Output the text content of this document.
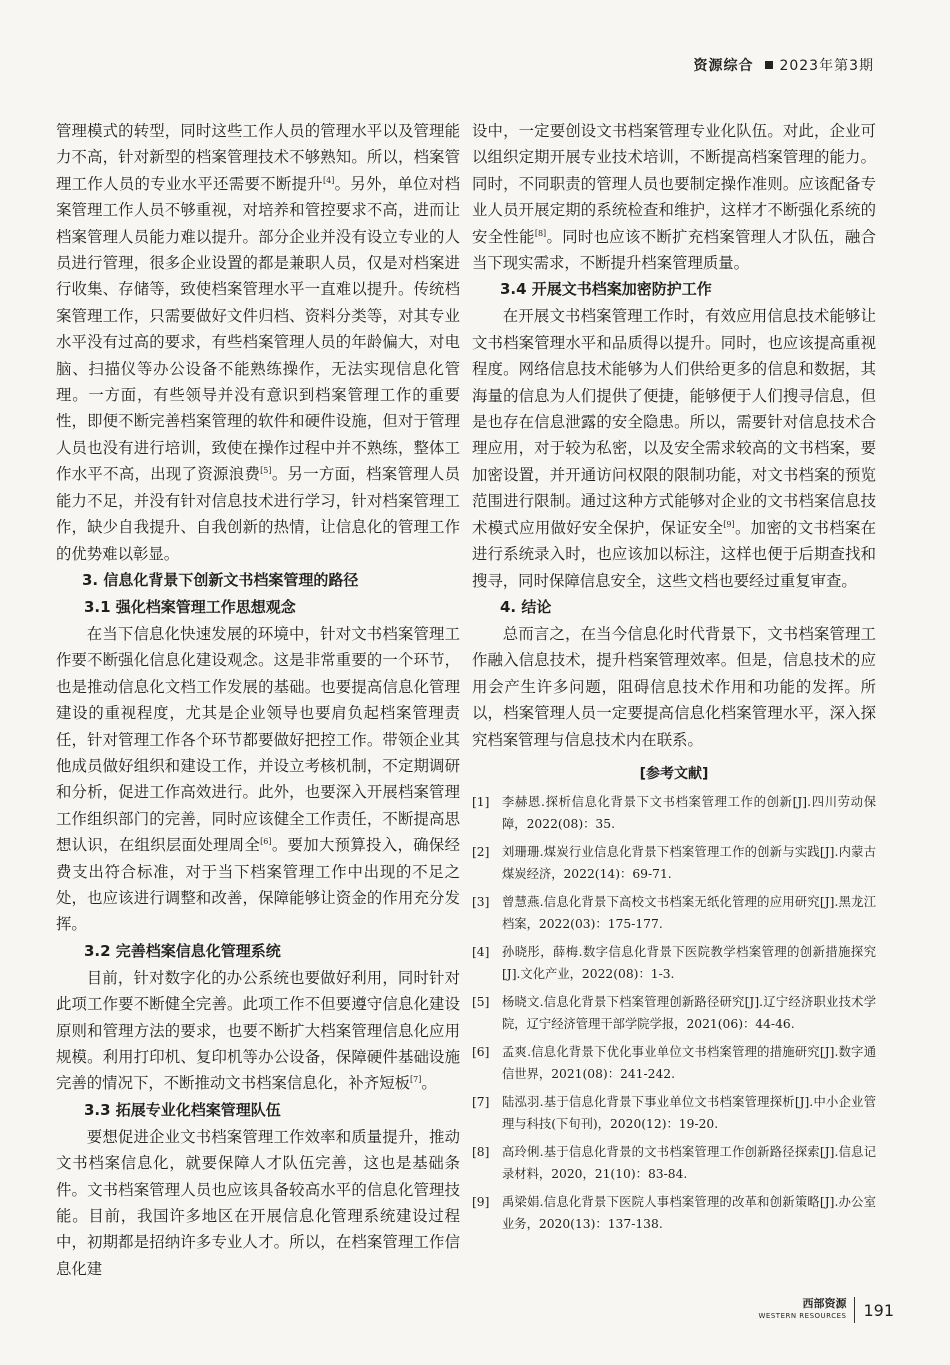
资源综合 2023年第3期

管理模式的转型，同时这些工作人员的管理水平以及管理能力不高，针对新型的档案管理技术不够熟知。所以，档案管理工作人员的专业水平还需要不断提升[4]。另外，单位对档案管理工作人员不够重视，对培养和管控要求不高，进而让档案管理人员能力难以提升。部分企业并没有设立专业的人员进行管理，很多企业设置的都是兼职人员，仅是对档案进行收集、存储等，致使档案管理水平一直难以提升。传统档案管理工作，只需要做好文件归档、资料分类等，对其专业水平没有过高的要求，有些档案管理人员的年龄偏大，对电脑、扫描仪等办公设备不能熟练操作，无法实现信息化管理。一方面，有些领导并没有意识到档案管理工作的重要性，即便不断完善档案管理的软件和硬件设施，但对于管理人员也没有进行培训，致使在操作过程中并不熟练，整体工作水平不高，出现了资源浪费[5]。另一方面，档案管理人员能力不足，并没有针对信息技术进行学习，针对档案管理工作，缺少自我提升、自我创新的热情，让信息化的管理工作的优势难以彰显。

3. 信息化背景下创新文书档案管理的路径
3.1 强化档案管理工作思想观念

在当下信息化快速发展的环境中，针对文书档案管理工作要不断强化信息化建设观念。这是非常重要的一个环节，也是推动信息化文档工作发展的基础。也要提高信息化管理建设的重视程度，尤其是企业领导也要肩负起档案管理责任，针对管理工作各个环节都要做好把控工作。带领企业其他成员做好组织和建设工作，并设立考核机制，不定期调研和分析，促进工作高效进行。此外，也要深入开展档案管理工作组织部门的完善，同时应该健全工作责任，不断提高思想认识，在组织层面处理周全[6]。要加大预算投入，确保经费支出符合标准，对于当下档案管理工作中出现的不足之处，也应该进行调整和改善，保障能够让资金的作用充分发挥。

3.2 完善档案信息化管理系统

目前，针对数字化的办公系统也要做好利用，同时针对此项工作要不断健全完善。此项工作不但要遵守信息化建设原则和管理方法的要求，也要不断扩大档案管理信息化应用规模。利用打印机、复印机等办公设备，保障硬件基础设施完善的情况下，不断推动文书档案信息化，补齐短板[7]。

3.3 拓展专业化档案管理队伍

要想促进企业文书档案管理工作效率和质量提升，推动文书档案信息化，就要保障人才队伍完善，这也是基础条件。文书档案管理人员也应该具备较高水平的信息化管理技能。目前，我国许多地区在开展信息化管理系统建设过程中，初期都是招纳许多专业人才。所以，在档案管理工作信息化建

设中，一定要创设文书档案管理专业化队伍。对此，企业可以组织定期开展专业技术培训，不断提高档案管理的能力。同时，不同职责的管理人员也要制定操作准则。应该配备专业人员开展定期的系统检查和维护，这样才不断强化系统的安全性能[8]。同时也应该不断扩充档案管理人才队伍，融合当下现实需求，不断提升档案管理质量。

3.4 开展文书档案加密防护工作

在开展文书档案管理工作时，有效应用信息技术能够让文书档案管理水平和品质得以提升。同时，也应该提高重视程度。网络信息技术能够为人们供给更多的信息和数据，其海量的信息为人们提供了便捷，能够便于人们搜寻信息，但是也存在信息泄露的安全隐患。所以，需要针对信息技术合理应用，对于较为私密，以及安全需求较高的文书档案，要加密设置，并开通访问权限的限制功能，对文书档案的预览范围进行限制。通过这种方式能够对企业的文书档案信息技术模式应用做好安全保护，保证安全[9]。加密的文书档案在进行系统录入时，也应该加以标注，这样也便于后期查找和搜寻，同时保障信息安全，这些文档也要经过重复审查。

4. 结论

总而言之，在当今信息化时代背景下，文书档案管理工作融入信息技术，提升档案管理效率。但是，信息技术的应用会产生许多问题，阻碍信息技术作用和功能的发挥。所以，档案管理人员一定要提高信息化档案管理水平，深入探究档案管理与信息技术内在联系。

[参考文献]
[1]	李赫恩.探析信息化背景下文书档案管理工作的创新[J].四川劳动保障，2022(08)：35.
[2]	刘珊珊.煤炭行业信息化背景下档案管理工作的创新与实践[J].内蒙古煤炭经济，2022(14)：69-71.
[3]	曾慧燕.信息化背景下高校文书档案无纸化管理的应用研究[J].黑龙江档案，2022(03)：175-177.
[4]	孙晓彤，薛梅.数字信息化背景下医院教学档案管理的创新措施探究[J].文化产业，2022(08)：1-3.
[5]	杨晓文.信息化背景下档案管理创新路径研究[J].辽宁经济职业技术学院，辽宁经济管理干部学院学报，2021(06)：44-46.
[6]	孟爽.信息化背景下优化事业单位文书档案管理的措施研究[J].数字通信世界，2021(08)：241-242.
[7]	陆泓羽.基于信息化背景下事业单位文书档案管理探析[J].中小企业管理与科技(下旬刊)，2020(12)：19-20.
[8]	高玲俐.基于信息化背景的文书档案管理工作创新路径探索[J].信息记录材料，2020，21(10)：83-84.
[9]	禹梁娟.信息化背景下医院人事档案管理的改革和创新策略[J].办公室业务，2020(13)：137-138.
西部资源
WESTERN RESOURCES 191
